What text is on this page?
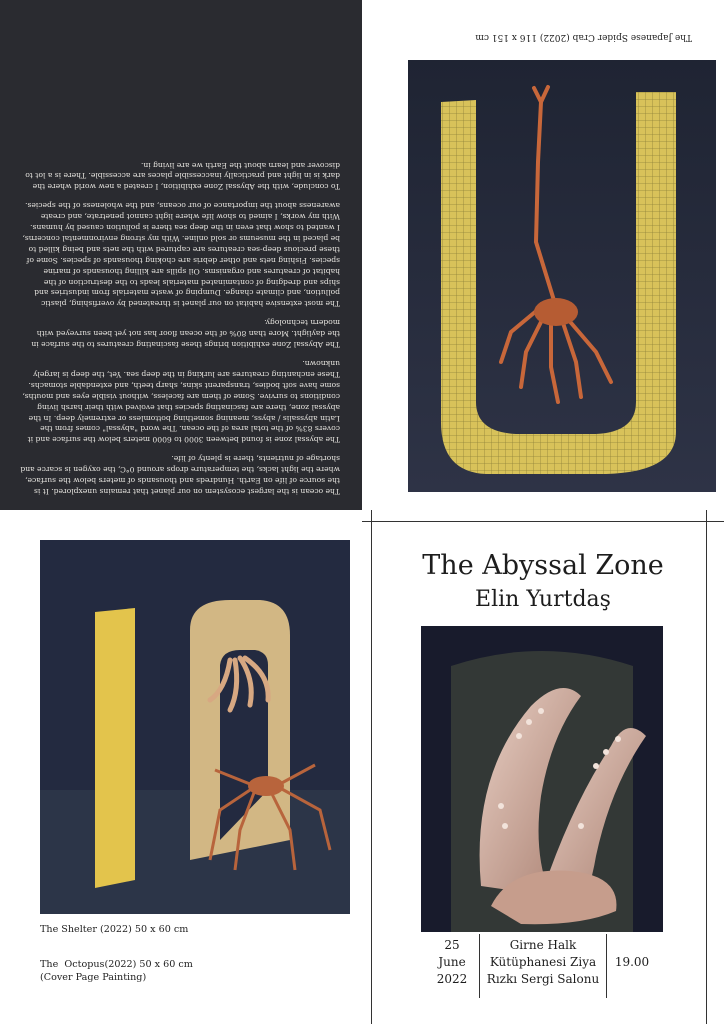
The ocean is the largest ecosystem on our planet that remains unexplored. It is the source of life on Earth. Hundreds and thousands of meters below the surface, where the light lacks, the temperature drops around 0°C, the oxygen is scarce and shortage of nutrients, there is plenty of life.

The abyssal zone is found between 3000 to 6000 meters below the surface and it covers 83% of the total area of the ocean. The word "abyssal" comes from the Latin abyssalis / abyss, meaning something bottomless or extremely deep. In the abyssal zone, there are fascinating species that evolved with their harsh living conditions to survive. Some of them are faceless, without visible eyes and mouths, some have soft bodies, transparent skins, sharp teeth, and extendable stomachs. These enchanting creatures are lurking in the deep sea. Yet, the deep is largely unknown.

The Abyssal Zone exhibition brings these fascinating creatures to the surface in the daylight. More than 80% of the ocean floor has not yet been surveyed with modern technology.

The most extensive habitat on our planet is threatened by overfishing, plastic pollution, and climate change. Dumping of waste materials from industries and ships and dredging of contaminated materials leads to the destruction of the habitat of creatures and organisms. Oil spills are killing thousands of marine species. Fishing nets and other debris are choking thousands of species. Some of these precious deep-sea creatures are captured with the nets and being killed to be placed in the museums or sold online. With my strong environmental concerns, I wanted to show that even in the deep sea there is pollution caused by humans. With my works, I aimed to show life where light cannot penetrate, and create awareness about the importance of our oceans, and the wholeness of the species.

To conclude, with the Abyssal Zone exhibition, I created a new world where the dark is in light and practically inaccessible places are accessible. There is a lot to discover and learn about the Earth we are living in.

The Japanese Spider Crab (2022) 116 x 151 cm
The Shelter (2022) 50 x 60 cm
The  Octopus(2022) 50 x 60 cm
(Cover Page Painting)
The Abyssal Zone
Elin Yurtdaş
25
June
2022
Girne Halk
Kütüphanesi Ziya
Rızkı Sergi Salonu
19.00
